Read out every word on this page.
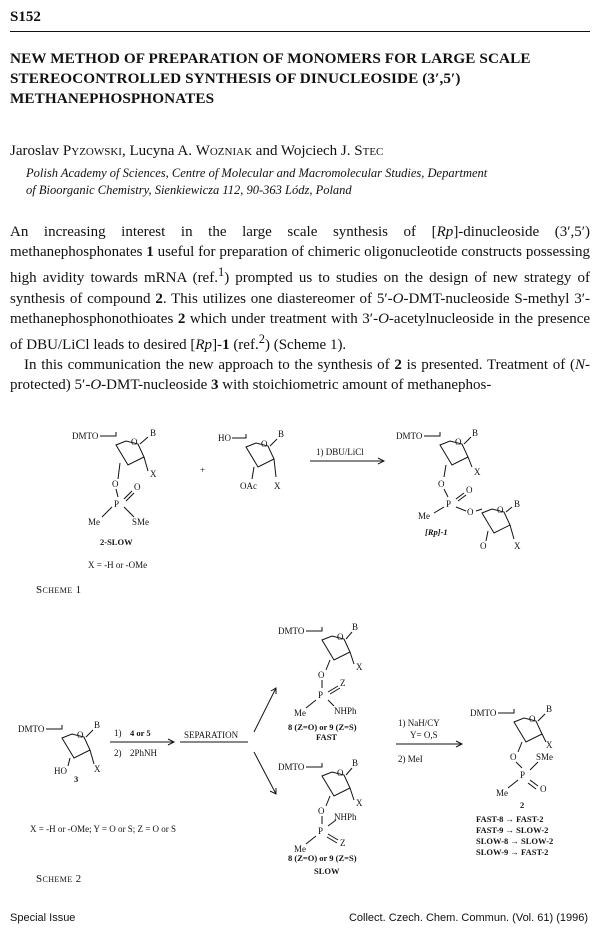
S152
NEW METHOD OF PREPARATION OF MONOMERS FOR LARGE SCALE STEREOCONTROLLED SYNTHESIS OF DINUCLEOSIDE (3′,5′) METHANEPHOSPHONATES
Jaroslav Pyzowski, Lucyna A. Wozniak and Wojciech J. Stec
Polish Academy of Sciences, Centre of Molecular and Macromolecular Studies, Department
of Bioorganic Chemistry, Sienkiewicza 112, 90-363 Lódz, Poland

An increasing interest in the large scale synthesis of [Rp]-dinucleoside (3′,5′) methanephosphonates 1 useful for preparation of chimeric oligonucleotide constructs possessing high avidity towards mRNA (ref.$^1$) prompted us to studies on the design of new strategy of synthesis of compound 2. This utilizes one diastereomer of 5′-O-DMT-nucleoside S-methyl 3′-methanephosphonothioates 2 which under treatment with 3′-O-acetylnucleoside in the presence of DBU/LiCl leads to desired [Rp]-1 (ref.$^2$) (Scheme 1).

In this communication the new approach to the synthesis of 2 is presented. Treatment of (N-protected) 5′-O-DMT-nucleoside 3 with stoichiometric amount of methanephos-

DMTO
O
B
X
O
P
O
Me	SMe
2-SLOW
X = -H or -OMe
+
HO
O
B
OAc X
1) DBU/LiCl
DMTO
O
B
X
O
P
O
Me	O	O
B
O	X
[Rp]-1
Scheme 1
DMTO
O
B
HO	X
3
1) 4 or 5
2) 2PhNH
SEPARATION
DMTO
O
B
X
O
P
Z
Me	NHPh
8 (Z=O) or 9 (Z=S)
FAST
DMTO
O
B
X
O
P
NHPh
Me
Z
8 (Z=O) or 9 (Z=S)
SLOW
1) NaH/CY
Y= O,S
2) MeI
DMTO
O
B
X
O
P
SMe
Me	O
2
FAST-8 → FAST-2
FAST-9 → SLOW-2
SLOW-8 → SLOW-2
SLOW-9 → FAST-2
X = -H or -OMe; Y = O or S; Z = O or S
Scheme 2
Special Issue	Collect. Czech. Chem. Commun. (Vol. 61) (1996)
